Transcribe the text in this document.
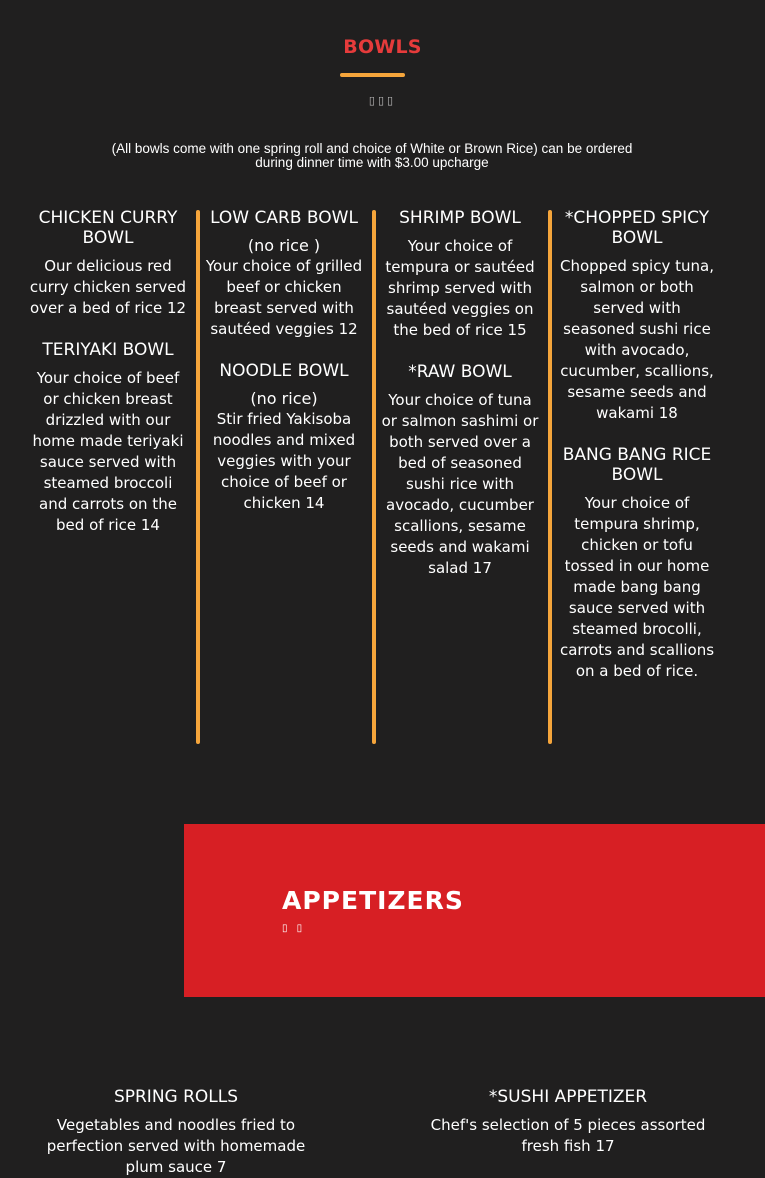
BOWLS
▯▯▯

(All bowls come with one spring roll and choice of White or Brown Rice) can be ordered during dinner time with $3.00 upcharge

CHICKEN CURRY BOWL
Our delicious red curry chicken served over a bed of rice 12
TERIYAKI BOWL
Your choice of beef or chicken breast drizzled with our home made teriyaki sauce served with steamed broccoli and carrots on the bed of rice 14
LOW CARB BOWL
(no rice )
Your choice of grilled beef or chicken breast served with sautéed veggies 12
NOODLE BOWL
(no rice)
Stir fried Yakisoba noodles and mixed veggies with your choice of beef or chicken 14
SHRIMP BOWL
Your choice of tempura or sautéed shrimp served with sautéed veggies on the bed of rice 15
*RAW BOWL
Your choice of tuna or salmon sashimi or both served over a bed of seasoned sushi rice with avocado, cucumber scallions, sesame seeds and wakami salad 17
*CHOPPED SPICY BOWL
Chopped spicy tuna, salmon or both served with seasoned sushi rice with avocado, cucumber, scallions, sesame seeds and wakami 18
BANG BANG RICE BOWL
Your choice of tempura shrimp, chicken or tofu tossed in our home made bang bang sauce served with steamed brocolli, carrots and scallions on a bed of rice.
APPETIZERS
▯ ▯
SPRING ROLLS
Vegetables and noodles fried to perfection served with homemade plum sauce 7
*SUSHI APPETIZER
Chef's selection of 5 pieces assorted fresh fish 17
